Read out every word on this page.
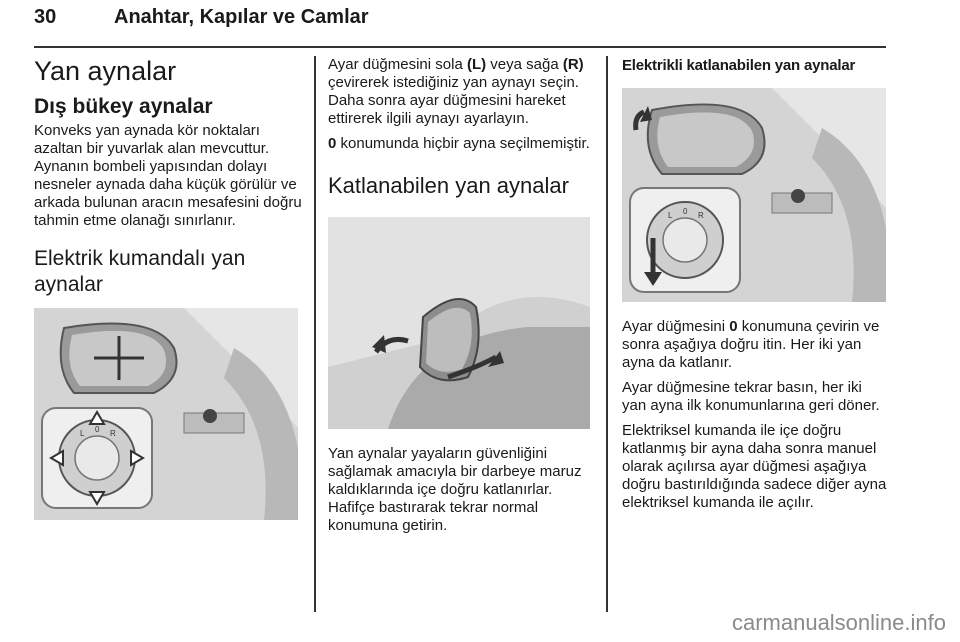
30	Anahtar, Kapılar ve Camlar
Yan aynalar
Dış bükey aynalar

Konveks yan aynada kör noktaları azaltan bir yuvarlak alan mevcuttur. Aynanın bombeli yapısından dolayı nesneler aynada daha küçük görülür ve arkada bulunan aracın mesafesini doğru tahmin etme olanağı sınırlanır.

Elektrik kumandalı yan aynalar
L 0 R

Ayar düğmesini sola (L) veya sağa (R) çevirerek istediğiniz yan aynayı seçin. Daha sonra ayar düğmesini hareket ettirerek ilgili aynayı ayarlayın.

0 konumunda hiçbir ayna seçilmemiştir.

Katlanabilen yan aynalar

Yan aynalar yayaların güvenliğini sağlamak amacıyla bir darbeye maruz kaldıklarında içe doğru katlanırlar. Hafifçe bastırarak tekrar normal konumuna getirin.

Elektrikli katlanabilen yan aynalar
L 0 R

Ayar düğmesini 0 konumuna çevirin ve sonra aşağıya doğru itin. Her iki yan ayna da katlanır.

Ayar düğmesine tekrar basın, her iki yan ayna ilk konumunlarına geri döner.

Elektriksel kumanda ile içe doğru katlanmış bir ayna daha sonra manuel olarak açılırsa ayar düğmesi aşağıya doğru bastırıldığında sadece diğer ayna elektriksel kumanda ile açılır.

carmanualsonline.info
